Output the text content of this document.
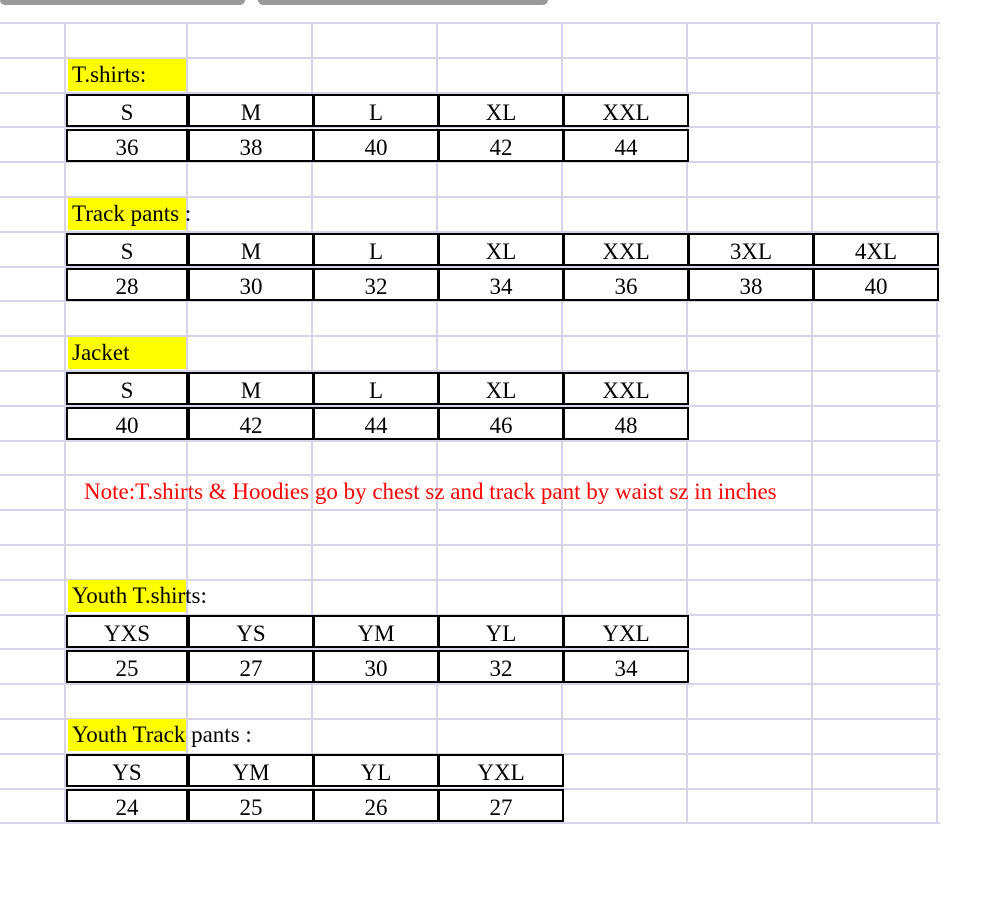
T.shirts:
S	M	L	XL	XXL
36	38	40	42	44
Track pants :
S	M	L	XL	XXL	3XL	4XL
28	30	32	34	36	38	40
Jacket
S	M	L	XL	XXL
40	42	44	46	48
Note:T.shirts & Hoodies go by chest sz and track pant by waist sz in inches
Youth T.shirts:
YXS	YS	YM	YL	YXL
25	27	30	32	34
Youth Track pants :
YS	YM	YL	YXL
24	25	26	27
